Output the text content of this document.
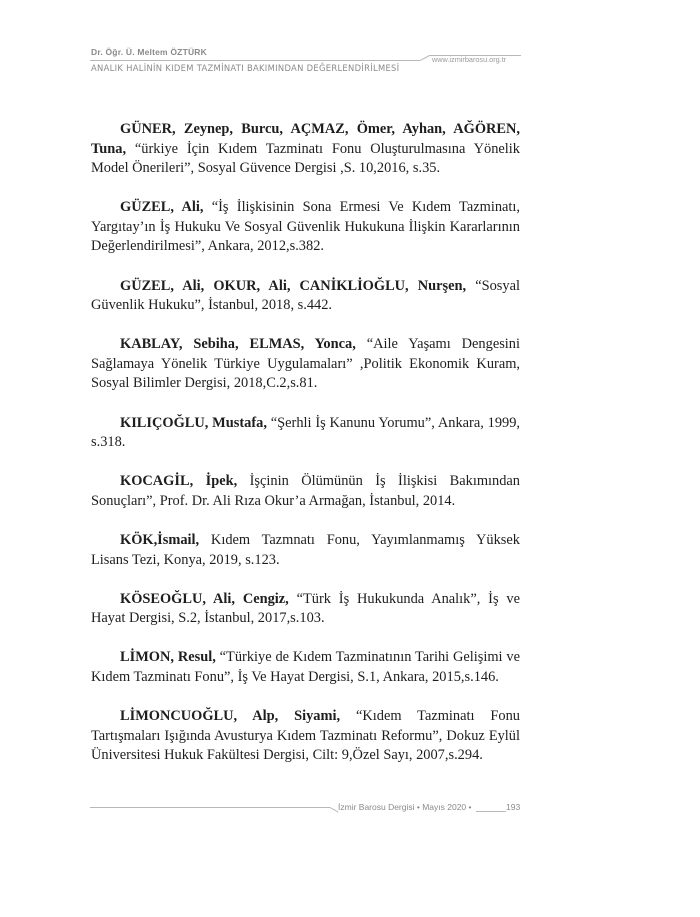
Dr. Öğr. Ü. Meltem ÖZTÜRK
www.izmirbarosu.org.tr
ANALIK HALİNİN KIDEM TAZMİNATI BAKIMINDAN DEĞERLENDİRİLMESİ

GÜNER, Zeynep, Burcu, AÇMAZ, Ömer, Ayhan, AĞÖREN, Tuna, “ürkiye İçin Kıdem Tazminatı Fonu Oluşturulmasına Yönelik Model Önerileri”, Sosyal Güvence Dergisi ,S. 10,2016, s.35.

GÜZEL, Ali, “İş İlişkisinin Sona Ermesi Ve Kıdem Tazminatı, Yargıtay’ın İş Hukuku Ve Sosyal Güvenlik Hukukuna İlişkin Kararlarının Değerlendirilmesi”, Ankara, 2012,s.382.

GÜZEL, Ali, OKUR, Ali, CANİKLİOĞLU, Nurşen, “Sosyal Güvenlik Hukuku”, İstanbul, 2018, s.442.

KABLAY, Sebiha, ELMAS, Yonca, “Aile Yaşamı Dengesini Sağlamaya Yönelik Türkiye Uygulamaları” ,Politik Ekonomik Kuram, Sosyal Bilimler Dergisi, 2018,C.2,s.81.

KILIÇOĞLU, Mustafa, “Şerhli İş Kanunu Yorumu”, Ankara, 1999, s.318.

KOCAGİL, İpek, İşçinin Ölümünün İş İlişkisi Bakımından Sonuçları”, Prof. Dr. Ali Rıza Okur’a Armağan, İstanbul, 2014.

KÖK,İsmail, Kıdem Tazmnatı Fonu, Yayımlanmamış Yüksek Lisans Tezi, Konya, 2019, s.123.

KÖSEOĞLU, Ali, Cengiz, “Türk İş Hukukunda Analık”, İş ve Hayat Dergisi, S.2, İstanbul, 2017,s.103.

LİMON, Resul, “Türkiye de Kıdem Tazminatının Tarihi Gelişimi ve Kıdem Tazminatı Fonu”, İş Ve Hayat Dergisi, S.1, Ankara, 2015,s.146.

LİMONCUOĞLU, Alp, Siyami, “Kıdem Tazminatı Fonu Tartışmaları Işığında Avusturya Kıdem Tazminatı Reformu”, Dokuz Eylül Üniversitesi Hukuk Fakültesi Dergisi, Cilt: 9,Özel Sayı, 2007,s.294.

İzmir Barosu Dergisi • Mayıs 2020 •	193
